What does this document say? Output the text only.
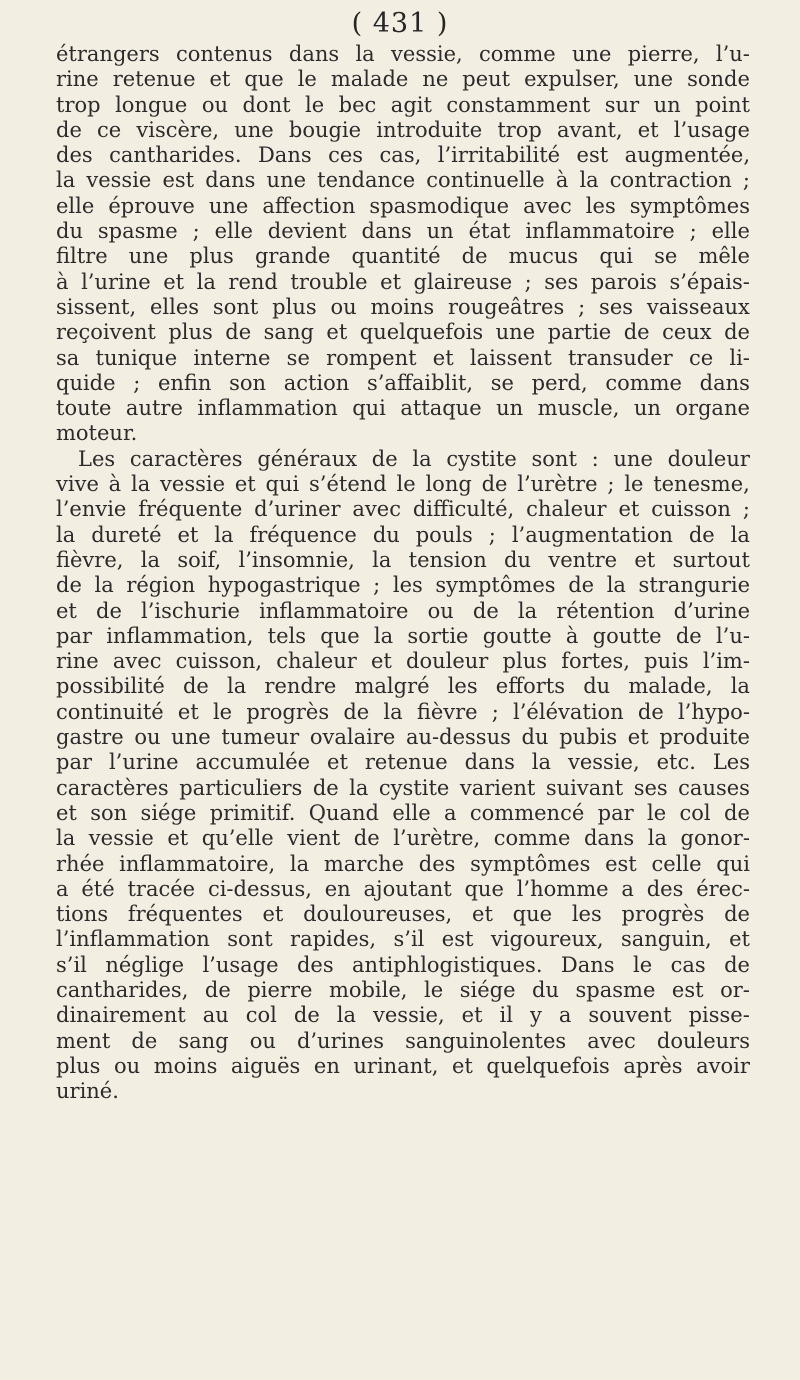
( 431 )
étrangers contenus dans la vessie, comme une pierre, l’u-
rine retenue et que le malade ne peut expulser, une sonde
trop longue ou dont le bec agit constamment sur un point
de ce viscère, une bougie introduite trop avant, et l’usage
des cantharides. Dans ces cas, l’irritabilité est augmentée,
la vessie est dans une tendance continuelle à la contraction ;
elle éprouve une affection spasmodique avec les symptômes
du spasme ; elle devient dans un état inflammatoire ; elle
filtre une plus grande quantité de mucus qui se mêle
à l’urine et la rend trouble et glaireuse ; ses parois s’épais-
sissent, elles sont plus ou moins rougeâtres ; ses vaisseaux
reçoivent plus de sang et quelquefois une partie de ceux de
sa tunique interne se rompent et laissent transuder ce li-
quide ; enfin son action s’affaiblit, se perd, comme dans
toute autre inflammation qui attaque un muscle, un organe
moteur.
Les caractères généraux de la cystite sont : une douleur
vive à la vessie et qui s’étend le long de l’urètre ; le tenesme,
l’envie fréquente d’uriner avec difficulté, chaleur et cuisson ;
la dureté et la fréquence du pouls ; l’augmentation de la
fièvre, la soif, l’insomnie, la tension du ventre et surtout
de la région hypogastrique ; les symptômes de la strangurie
et de l’ischurie inflammatoire ou de la rétention d’urine
par inflammation, tels que la sortie goutte à goutte de l’u-
rine avec cuisson, chaleur et douleur plus fortes, puis l’im-
possibilité de la rendre malgré les efforts du malade, la
continuité et le progrès de la fièvre ; l’élévation de l’hypo-
gastre ou une tumeur ovalaire au-dessus du pubis et produite
par l’urine accumulée et retenue dans la vessie, etc. Les
caractères particuliers de la cystite varient suivant ses causes
et son siége primitif. Quand elle a commencé par le col de
la vessie et qu’elle vient de l’urètre, comme dans la gonor-
rhée inflammatoire, la marche des symptômes est celle qui
a été tracée ci-dessus, en ajoutant que l’homme a des érec-
tions fréquentes et douloureuses, et que les progrès de
l’inflammation sont rapides, s’il est vigoureux, sanguin, et
s’il néglige l’usage des antiphlogistiques. Dans le cas de
cantharides, de pierre mobile, le siége du spasme est or-
dinairement au col de la vessie, et il y a souvent pisse-
ment de sang ou d’urines sanguinolentes avec douleurs
plus ou moins aiguës en urinant, et quelquefois après avoir
uriné.
